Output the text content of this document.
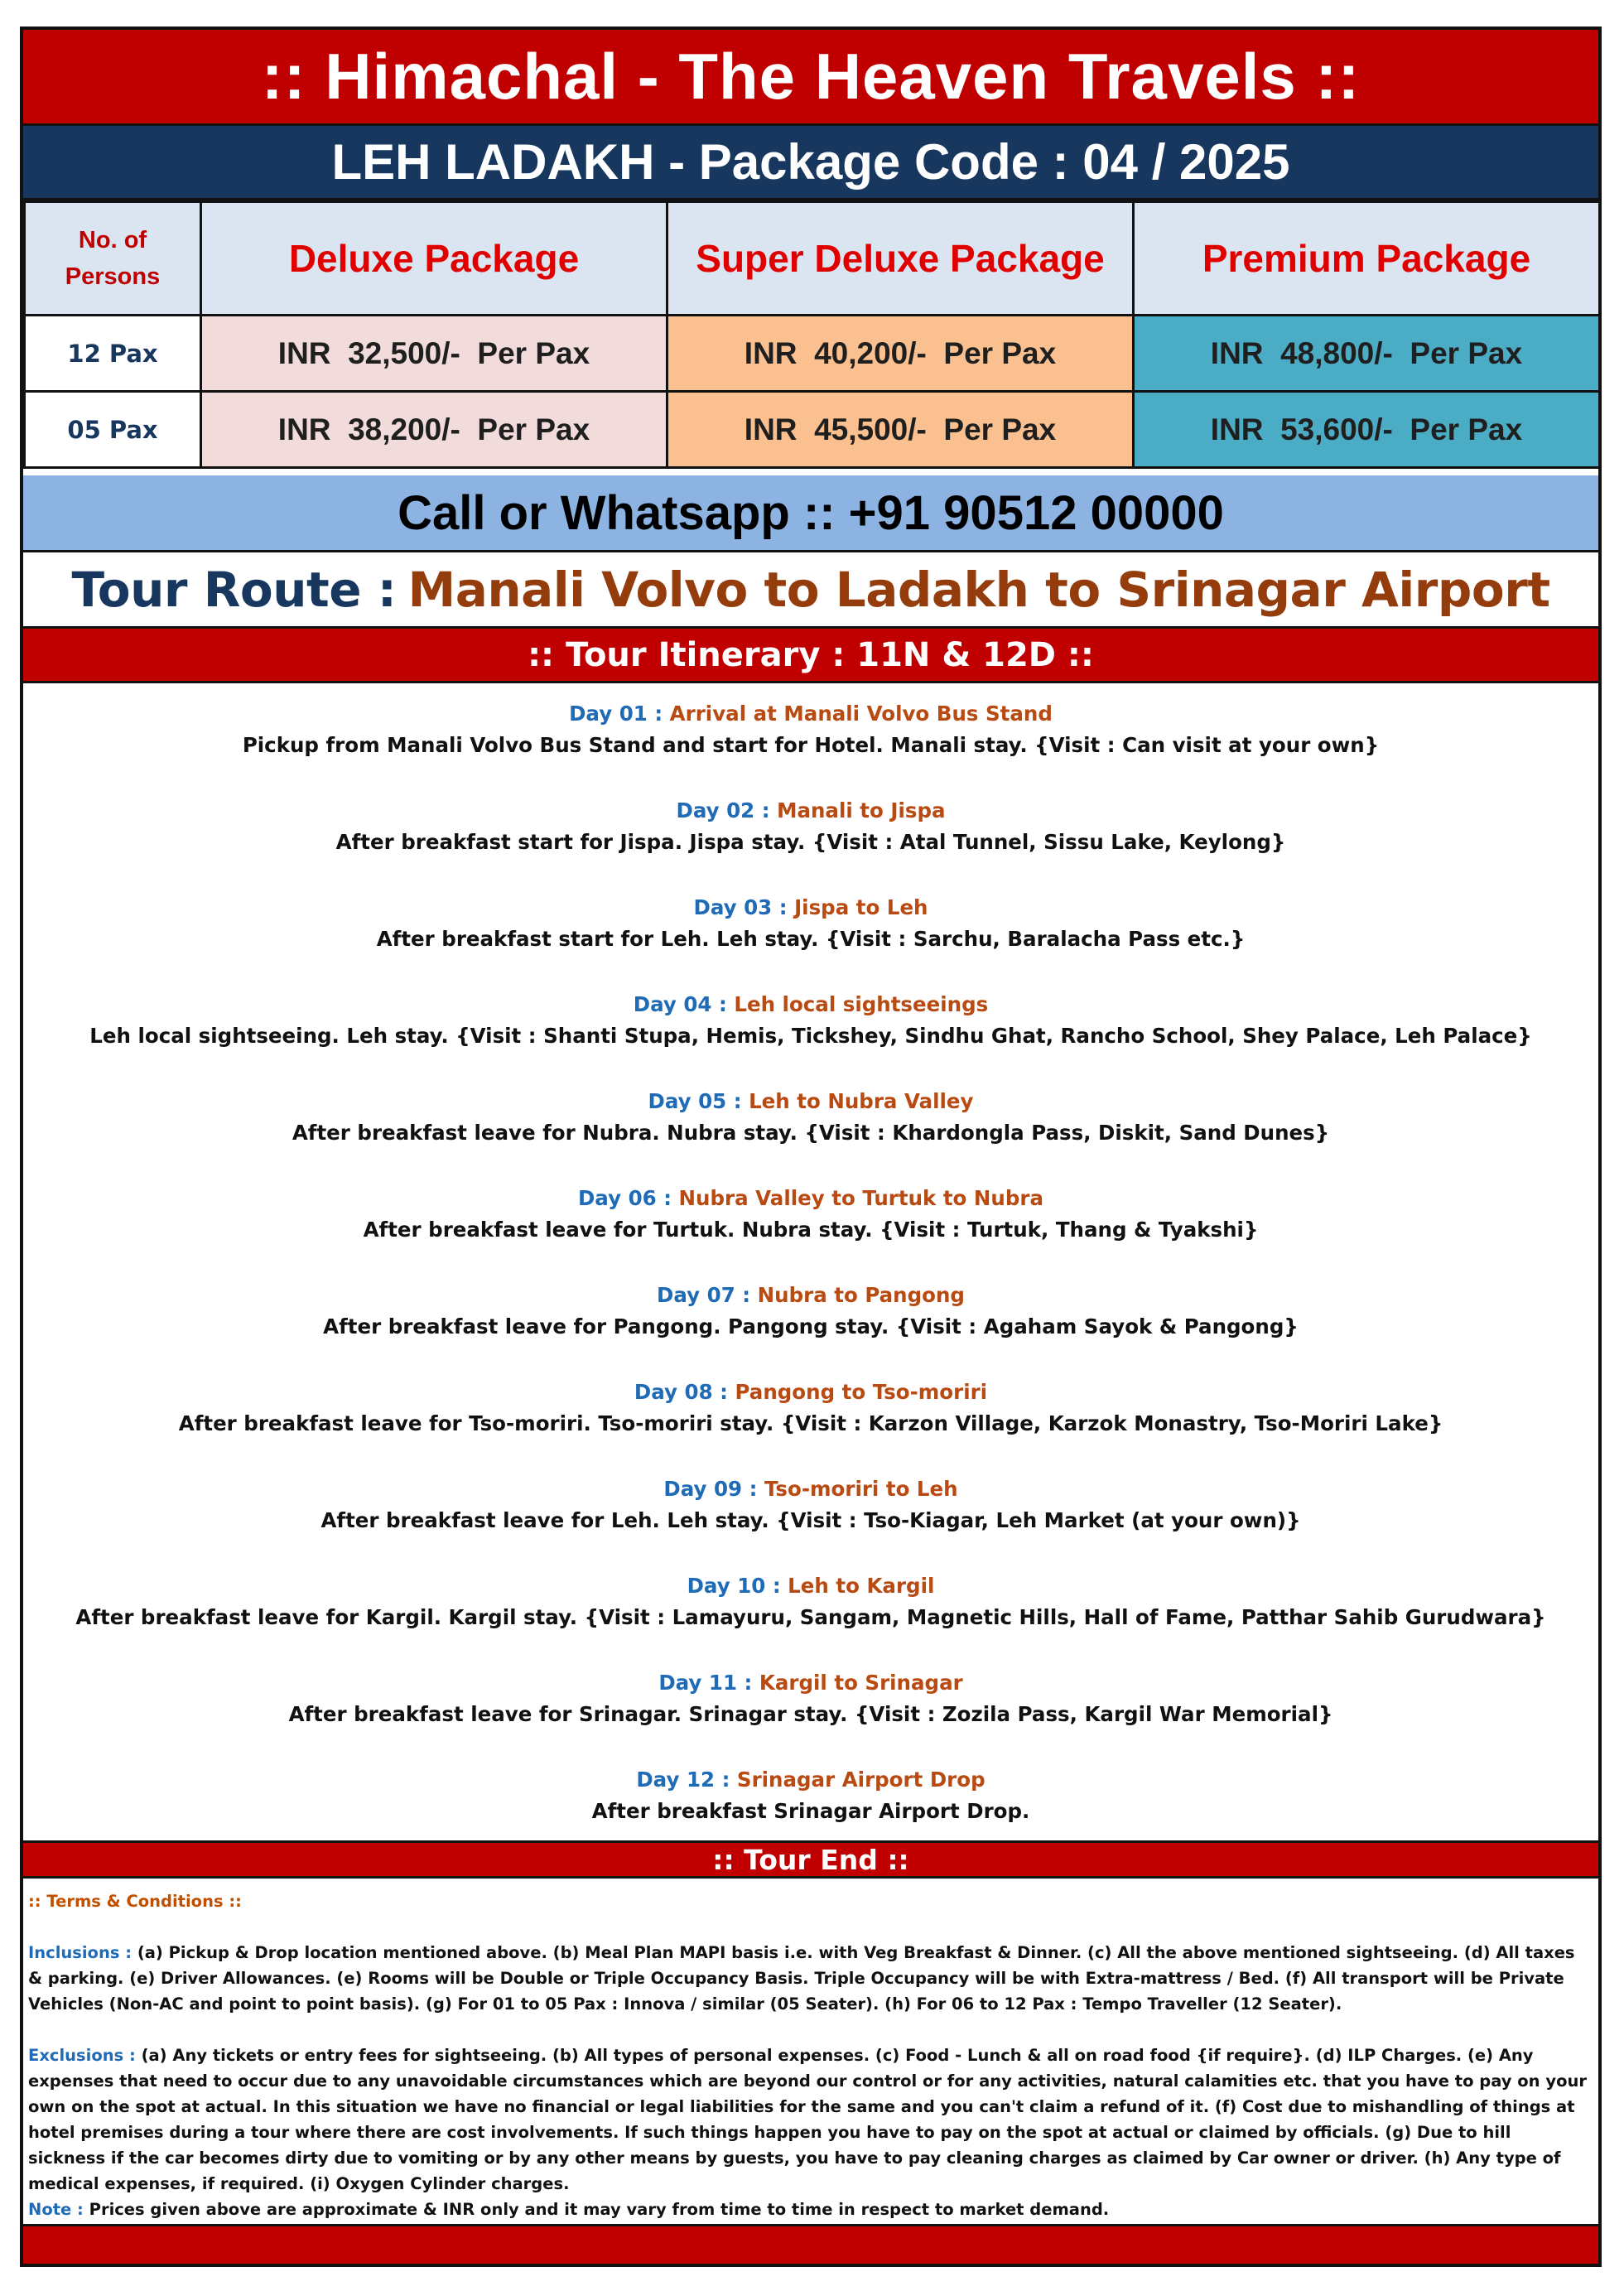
:: Himachal - The Heaven Travels ::
LEH LADAKH - Package Code : 04 / 2025
No. of
Persons	Deluxe Package	Super Deluxe Package	Premium Package
12 Pax	INR  32,500/-  Per Pax	INR  40,200/-  Per Pax	INR  48,800/-  Per Pax
05 Pax	INR  38,200/-  Per Pax	INR  45,500/-  Per Pax	INR  53,600/-  Per Pax
Call or Whatsapp :: +91 90512 00000
Tour Route : Manali Volvo to Ladakh to Srinagar Airport
:: Tour Itinerary : 11N & 12D ::
Day 01 : Arrival at Manali Volvo Bus Stand
Pickup from Manali Volvo Bus Stand and start for Hotel. Manali stay. {Visit : Can visit at your own}
Day 02 : Manali to Jispa
After breakfast start for Jispa. Jispa stay. {Visit : Atal Tunnel, Sissu Lake, Keylong}
Day 03 : Jispa to Leh
After breakfast start for Leh. Leh stay. {Visit : Sarchu, Baralacha Pass etc.}
Day 04 : Leh local sightseeings
Leh local sightseeing. Leh stay. {Visit : Shanti Stupa, Hemis, Tickshey, Sindhu Ghat, Rancho School, Shey Palace, Leh Palace}
Day 05 : Leh to Nubra Valley
After breakfast leave for Nubra. Nubra stay. {Visit : Khardongla Pass, Diskit, Sand Dunes}
Day 06 : Nubra Valley to Turtuk to Nubra
After breakfast leave for Turtuk. Nubra stay. {Visit : Turtuk, Thang & Tyakshi}
Day 07 : Nubra to Pangong
After breakfast leave for Pangong. Pangong stay. {Visit : Agaham Sayok & Pangong}
Day 08 : Pangong to Tso-moriri
After breakfast leave for Tso-moriri. Tso-moriri stay. {Visit : Karzon Village, Karzok Monastry, Tso-Moriri Lake}
Day 09 : Tso-moriri to Leh
After breakfast leave for Leh. Leh stay. {Visit : Tso-Kiagar, Leh Market (at your own)}
Day 10 : Leh to Kargil
After breakfast leave for Kargil. Kargil stay. {Visit : Lamayuru, Sangam, Magnetic Hills, Hall of Fame, Patthar Sahib Gurudwara}
Day 11 : Kargil to Srinagar
After breakfast leave for Srinagar. Srinagar stay. {Visit : Zozila Pass, Kargil War Memorial}
Day 12 : Srinagar Airport Drop
After breakfast Srinagar Airport Drop.
:: Tour End ::

:: Terms & Conditions ::

Inclusions : (a) Pickup & Drop location mentioned above. (b) Meal Plan MAPI basis i.e. with Veg Breakfast & Dinner. (c) All the above mentioned sightseeing. (d) All taxes & parking. (e) Driver Allowances. (e) Rooms will be Double or Triple Occupancy Basis. Triple Occupancy will be with Extra-mattress / Bed. (f) All transport will be Private Vehicles (Non-AC and point to point basis). (g) For 01 to 05 Pax : Innova / similar (05 Seater). (h) For 06 to 12 Pax : Tempo Traveller (12 Seater).

Exclusions : (a) Any tickets or entry fees for sightseeing. (b) All types of personal expenses. (c) Food - Lunch & all on road food {if require}. (d) ILP Charges. (e) Any expenses that need to occur due to any unavoidable circumstances which are beyond our control or for any activities, natural calamities etc. that you have to pay on your own on the spot at actual. In this situation we have no financial or legal liabilities for the same and you can't claim a refund of it. (f) Cost due to mishandling of things at hotel premises during a tour where there are cost involvements. If such things happen you have to pay on the spot at actual or claimed by officials. (g) Due to hill sickness if the car becomes dirty due to vomiting or by any other means by guests, you have to pay cleaning charges as claimed by Car owner or driver. (h) Any type of medical expenses, if required. (i) Oxygen Cylinder charges.

Note : Prices given above are approximate & INR only and it may vary from time to time in respect to market demand.
